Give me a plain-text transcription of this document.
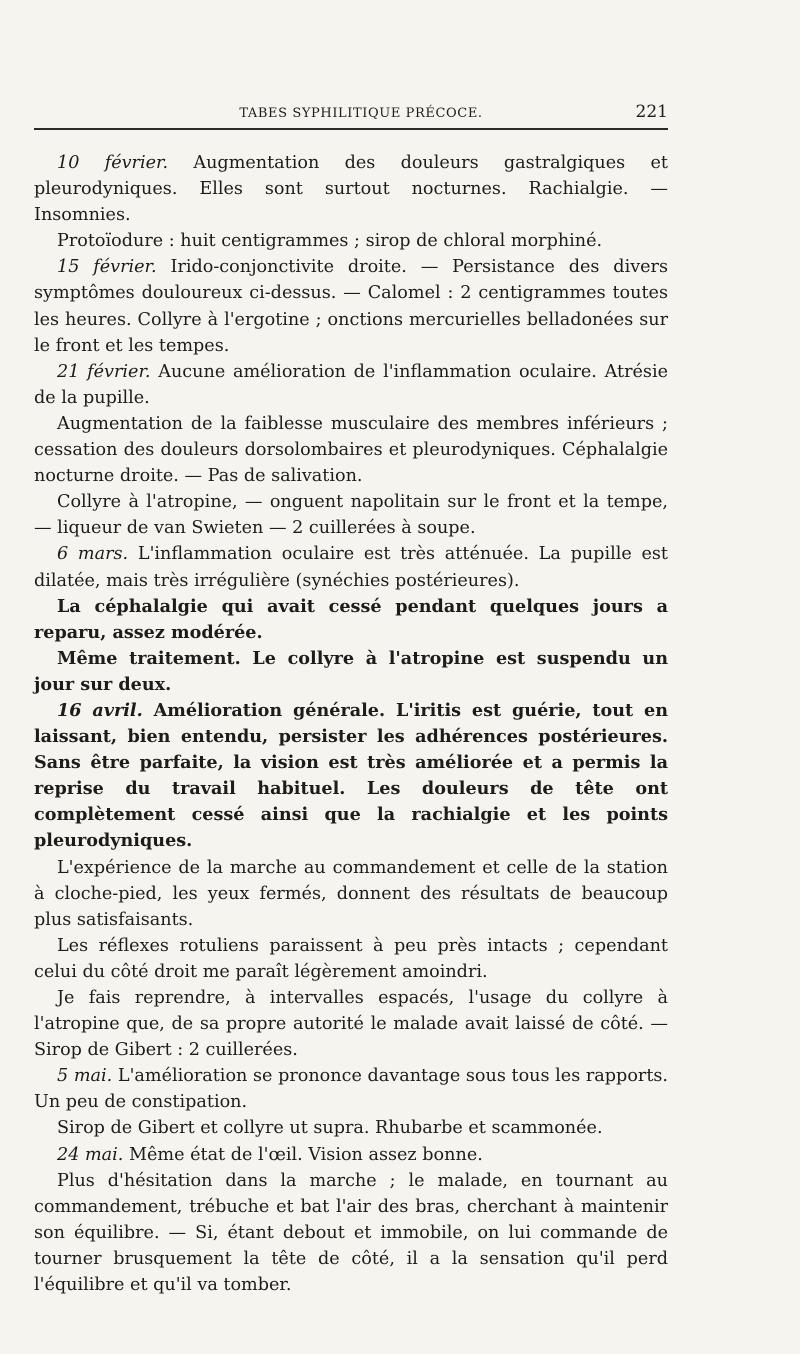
TABES SYPHILITIQUE PRÉCOCE.	221

10 février. Augmentation des douleurs gastralgiques et pleurodyniques. Elles sont surtout nocturnes. Rachialgie. — Insomnies.

Protoïodure : huit centigrammes ; sirop de chloral morphiné.

15 février. Irido-conjonctivite droite. — Persistance des divers symptômes douloureux ci-dessus. — Calomel : 2 centigrammes toutes les heures. Collyre à l'ergotine ; onctions mercurielles belladonées sur le front et les tempes.

21 février. Aucune amélioration de l'inflammation oculaire. Atrésie de la pupille.

Augmentation de la faiblesse musculaire des membres inférieurs ; cessation des douleurs dorsolombaires et pleurodyniques. Céphalalgie nocturne droite. — Pas de salivation.

Collyre à l'atropine, — onguent napolitain sur le front et la tempe, — liqueur de van Swieten — 2 cuillerées à soupe.

6 mars. L'inflammation oculaire est très atténuée. La pupille est dilatée, mais très irrégulière (synéchies postérieures).

La céphalalgie qui avait cessé pendant quelques jours a reparu, assez modérée.

Même traitement. Le collyre à l'atropine est suspendu un jour sur deux.

16 avril. Amélioration générale. L'iritis est guérie, tout en laissant, bien entendu, persister les adhérences postérieures. Sans être parfaite, la vision est très améliorée et a permis la reprise du travail habituel. Les douleurs de tête ont complètement cessé ainsi que la rachialgie et les points pleurodyniques.

L'expérience de la marche au commandement et celle de la station à cloche-pied, les yeux fermés, donnent des résultats de beaucoup plus satisfaisants.

Les réflexes rotuliens paraissent à peu près intacts ; cependant celui du côté droit me paraît légèrement amoindri.

Je fais reprendre, à intervalles espacés, l'usage du collyre à l'atropine que, de sa propre autorité le malade avait laissé de côté. — Sirop de Gibert : 2 cuillerées.

5 mai. L'amélioration se prononce davantage sous tous les rapports. Un peu de constipation.

Sirop de Gibert et collyre ut supra. Rhubarbe et scammonée.

24 mai. Même état de l'œil. Vision assez bonne.

Plus d'hésitation dans la marche ; le malade, en tournant au commandement, trébuche et bat l'air des bras, cherchant à maintenir son équilibre. — Si, étant debout et immobile, on lui commande de tourner brusquement la tête de côté, il a la sensation qu'il perd l'équilibre et qu'il va tomber.
